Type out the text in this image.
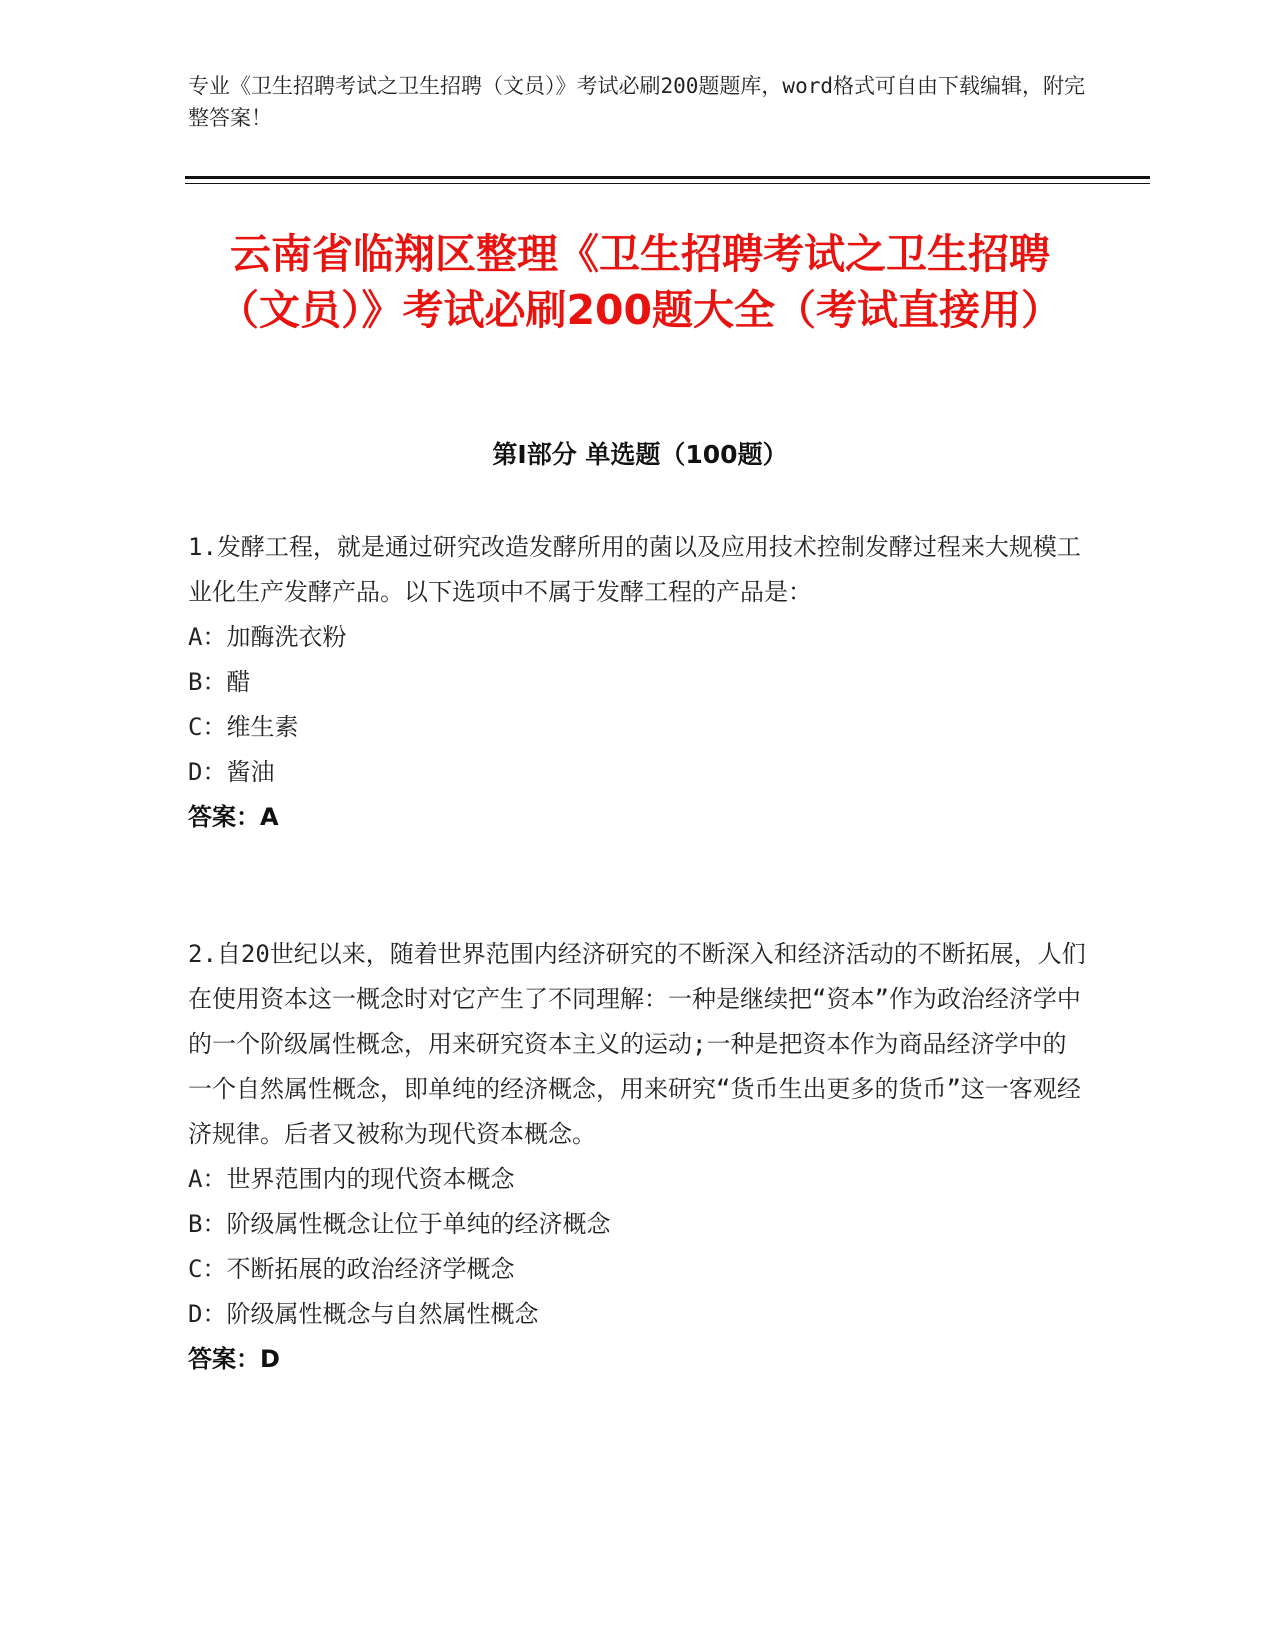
专业《卫生招聘考试之卫生招聘（文员）》考试必刷200题题库，word格式可自由下载编辑，附完整答案！
云南省临翔区整理《卫生招聘考试之卫生招聘（文员）》考试必刷200题大全（考试直接用）
第I部分 单选题（100题）

1.发酵工程，就是通过研究改造发酵所用的菌以及应用技术控制发酵过程来大规模工业化生产发酵产品。以下选项中不属于发酵工程的产品是：

A：加酶洗衣粉

B：醋

C：维生素

D：酱油

答案：A

2.自20世纪以来，随着世界范围内经济研究的不断深入和经济活动的不断拓展，人们在使用资本这一概念时对它产生了不同理解：一种是继续把“资本”作为政治经济学中的一个阶级属性概念，用来研究资本主义的运动;一种是把资本作为商品经济学中的一个自然属性概念，即单纯的经济概念，用来研究“货币生出更多的货币”这一客观经济规律。后者又被称为现代资本概念。

A：世界范围内的现代资本概念

B：阶级属性概念让位于单纯的经济概念

C：不断拓展的政治经济学概念

D：阶级属性概念与自然属性概念

答案：D
